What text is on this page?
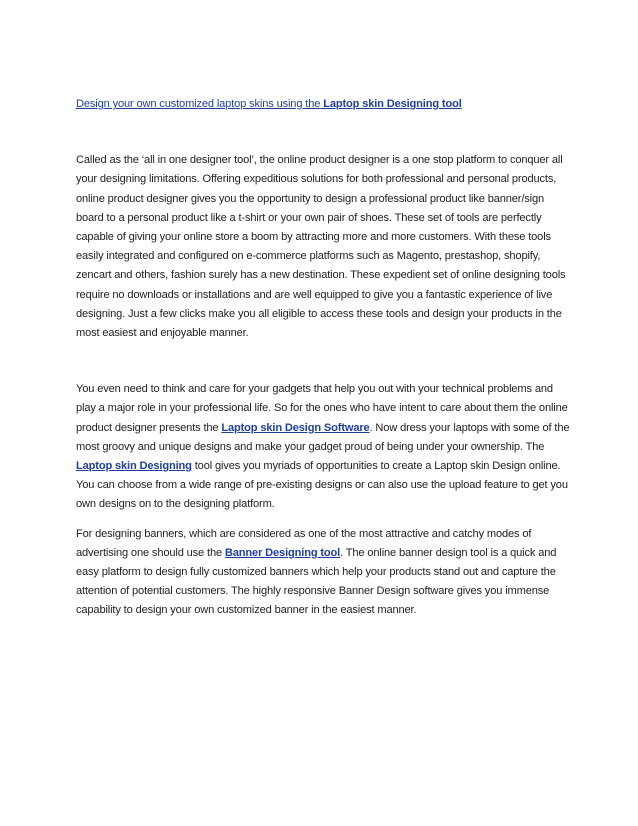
Design your own customized laptop skins using the Laptop skin Designing tool

Called as the ‘all in one designer tool’, the online product designer is a one stop platform to conquer all your designing limitations. Offering expeditious solutions for both professional and personal products, online product designer gives you the opportunity to design a professional product like banner/sign board to a personal product like a t-shirt or your own pair of shoes. These set of tools are perfectly capable of giving your online store a boom by attracting more and more customers. With these tools easily integrated and configured on e-commerce platforms such as Magento, prestashop, shopify, zencart and others, fashion surely has a new destination. These expedient set of online designing tools require no downloads or installations and are well equipped to give you a fantastic experience of live designing. Just a few clicks make you all eligible to access these tools and design your products in the most easiest and enjoyable manner.

You even need to think and care for your gadgets that help you out with your technical problems and play a major role in your professional life. So for the ones who have intent to care about them the online product designer presents the Laptop skin Design Software. Now dress your laptops with some of the most groovy and unique designs and make your gadget proud of being under your ownership. The Laptop skin Designing tool gives you myriads of opportunities to create a Laptop skin Design online. You can choose from a wide range of pre-existing designs or can also use the upload feature to get you own designs on to the designing platform.

For designing banners, which are considered as one of the most attractive and catchy modes of advertising one should use the Banner Designing tool. The online banner design tool is a quick and easy platform to design fully customized banners which help your products stand out and capture the attention of potential customers. The highly responsive Banner Design software gives you immense capability to design your own customized banner in the easiest manner.
